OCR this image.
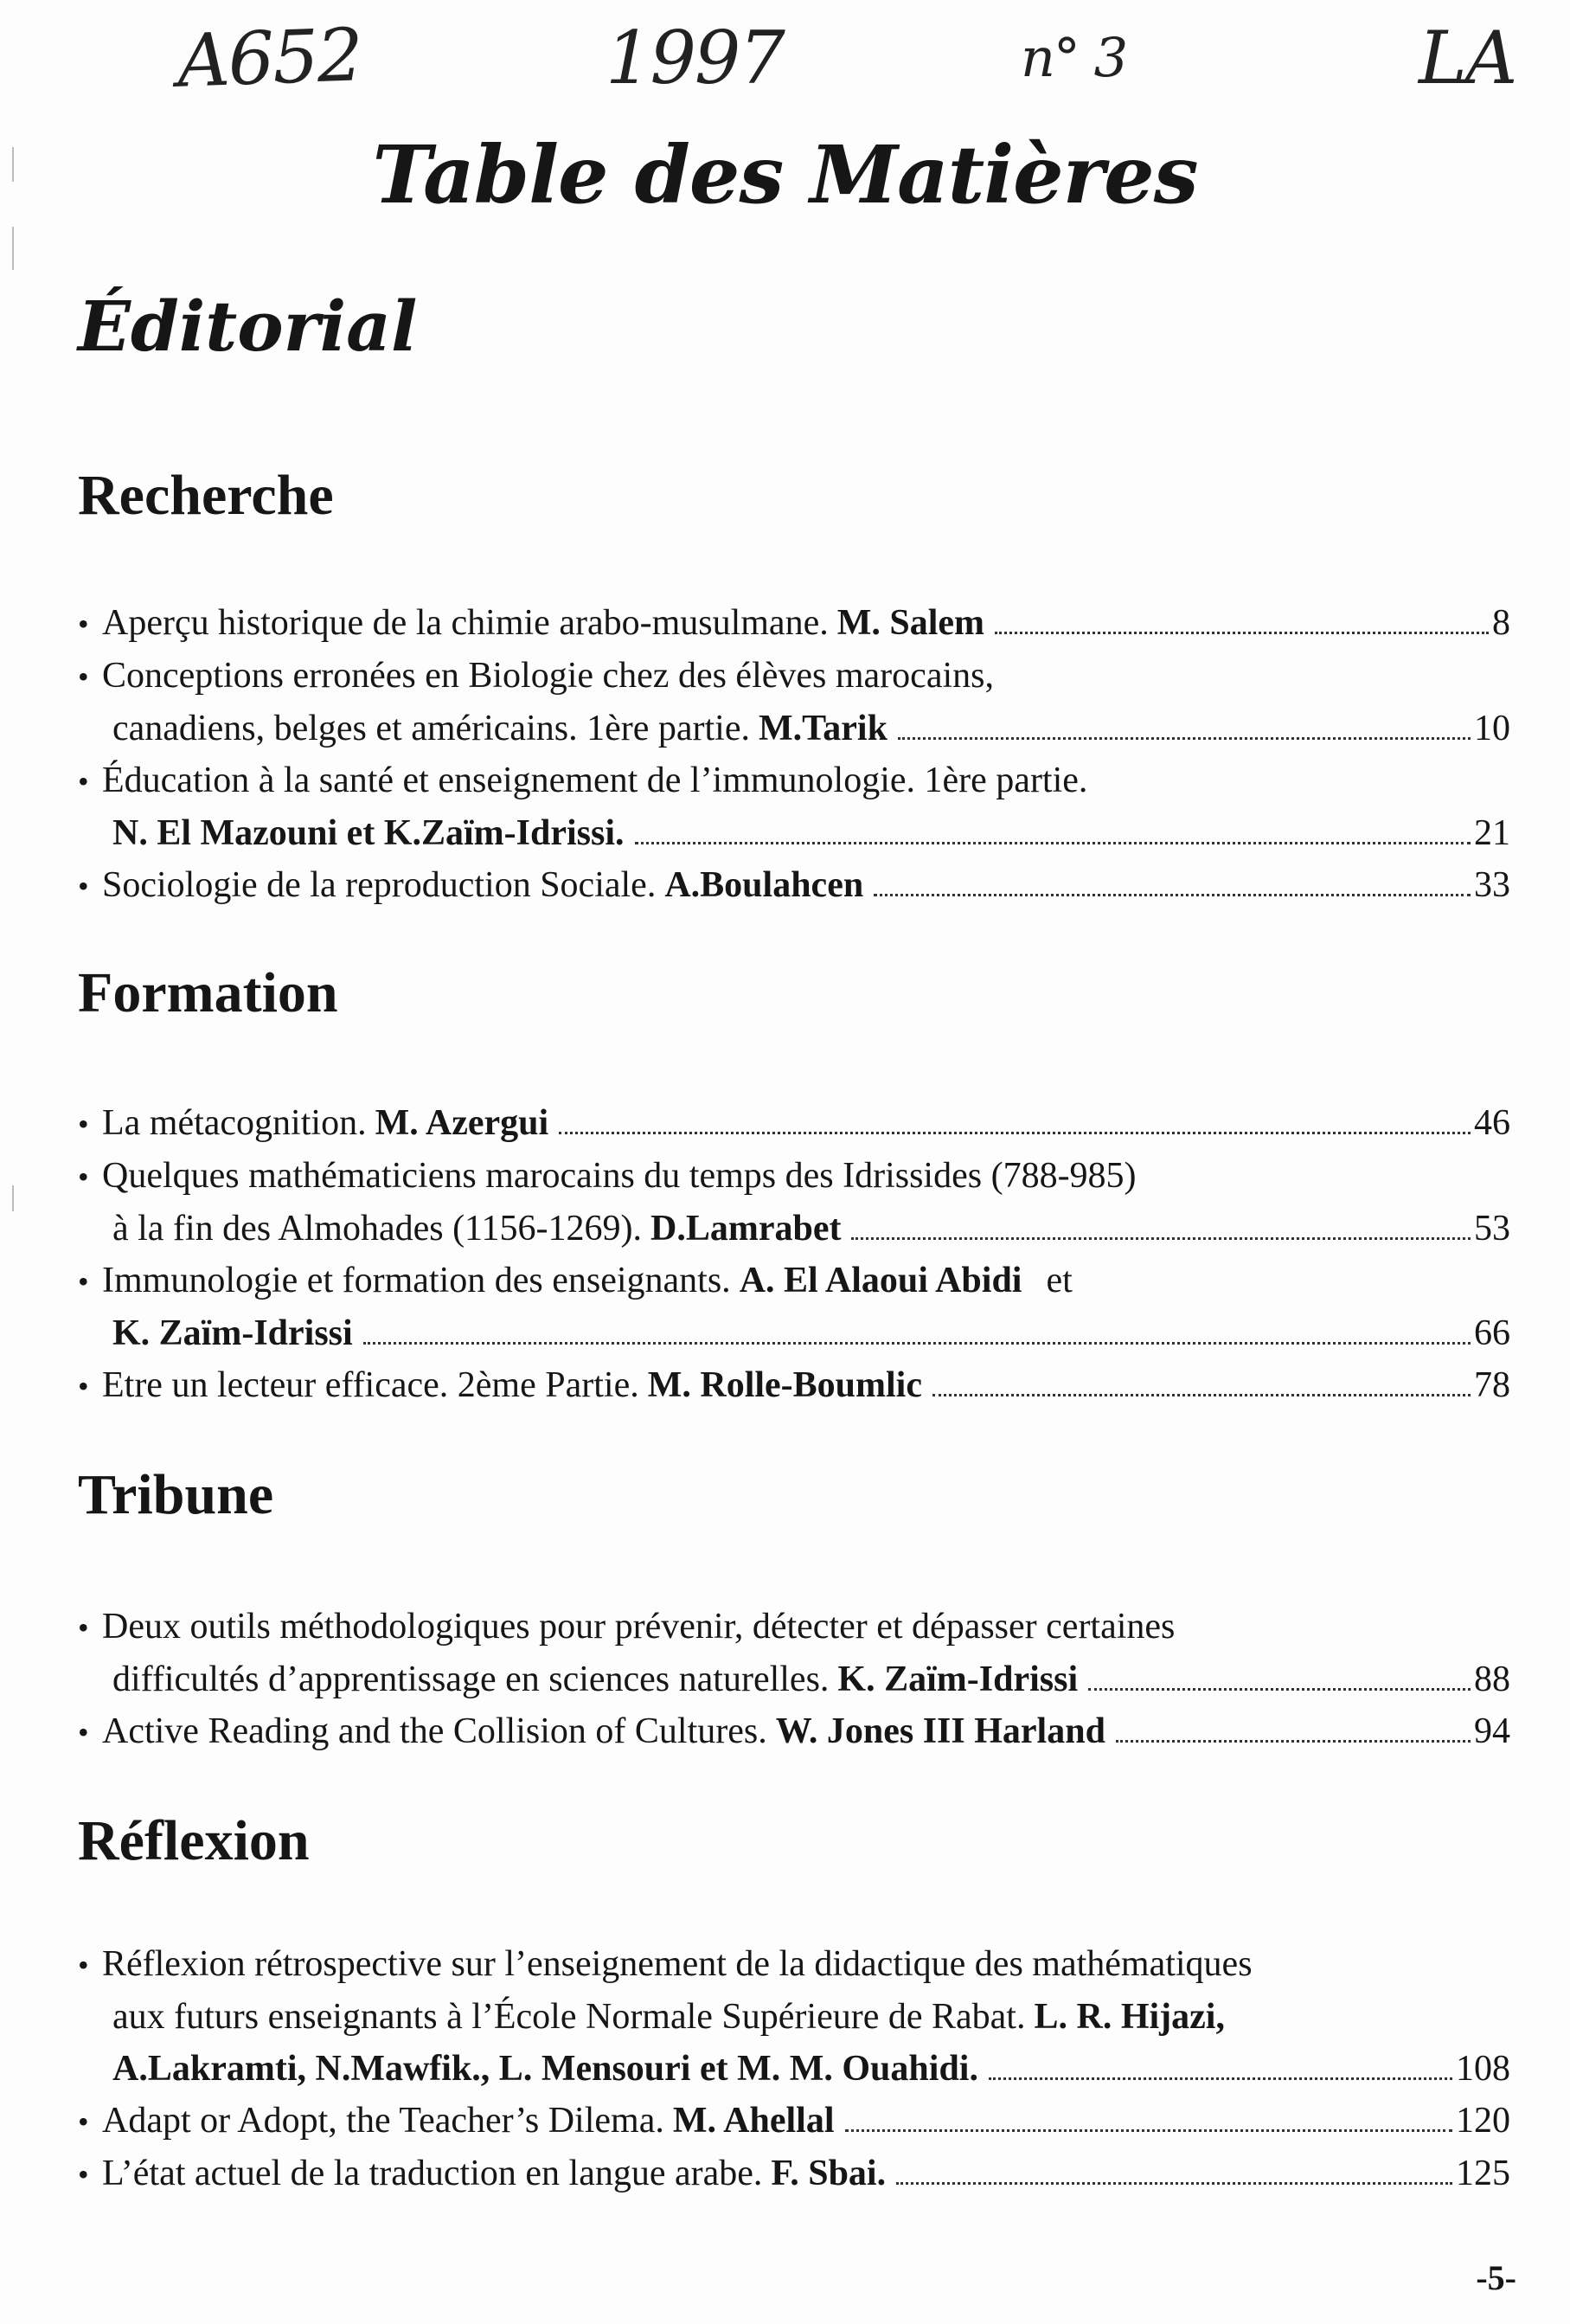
A652	1997	n° 3	LA
Table des Matières
Éditorial
Recherche
• Aperçu historique de la chimie arabo-musulmane. M. Salem	8
• Conceptions erronées en Biologie chez des élèves marocains,
canadiens, belges et américains. 1ère partie. M.Tarik	10
• Éducation à la santé et enseignement de l’immunologie. 1ère partie.
N. El Mazouni et K.Zaïm-Idrissi.	21
• Sociologie de la reproduction Sociale. A.Boulahcen	33
Formation
• La métacognition. M. Azergui	46
• Quelques mathématiciens marocains du temps des Idrissides (788-985)
à la fin des Almohades (1156-1269). D.Lamrabet	53
• Immunologie et formation des enseignants. A. El Alaoui Abidi et
K. Zaïm-Idrissi	66
• Etre un lecteur efficace. 2ème Partie. M. Rolle-Boumlic	78
Tribune
• Deux outils méthodologiques pour prévenir, détecter et dépasser certaines
difficultés d’apprentissage en sciences naturelles. K. Zaïm-Idrissi	88
• Active Reading and the Collision of Cultures. W. Jones III Harland	94
Réflexion
• Réflexion rétrospective sur l’enseignement de la didactique des mathématiques
aux futurs enseignants à l’École Normale Supérieure de Rabat. L. R. Hijazi,
A.Lakramti, N.Mawfik., L. Mensouri et M. M. Ouahidi.	108
• Adapt or Adopt, the Teacher’s Dilema. M. Ahellal	120
• L’état actuel de la traduction en langue arabe. F. Sbai.	125
-5-
